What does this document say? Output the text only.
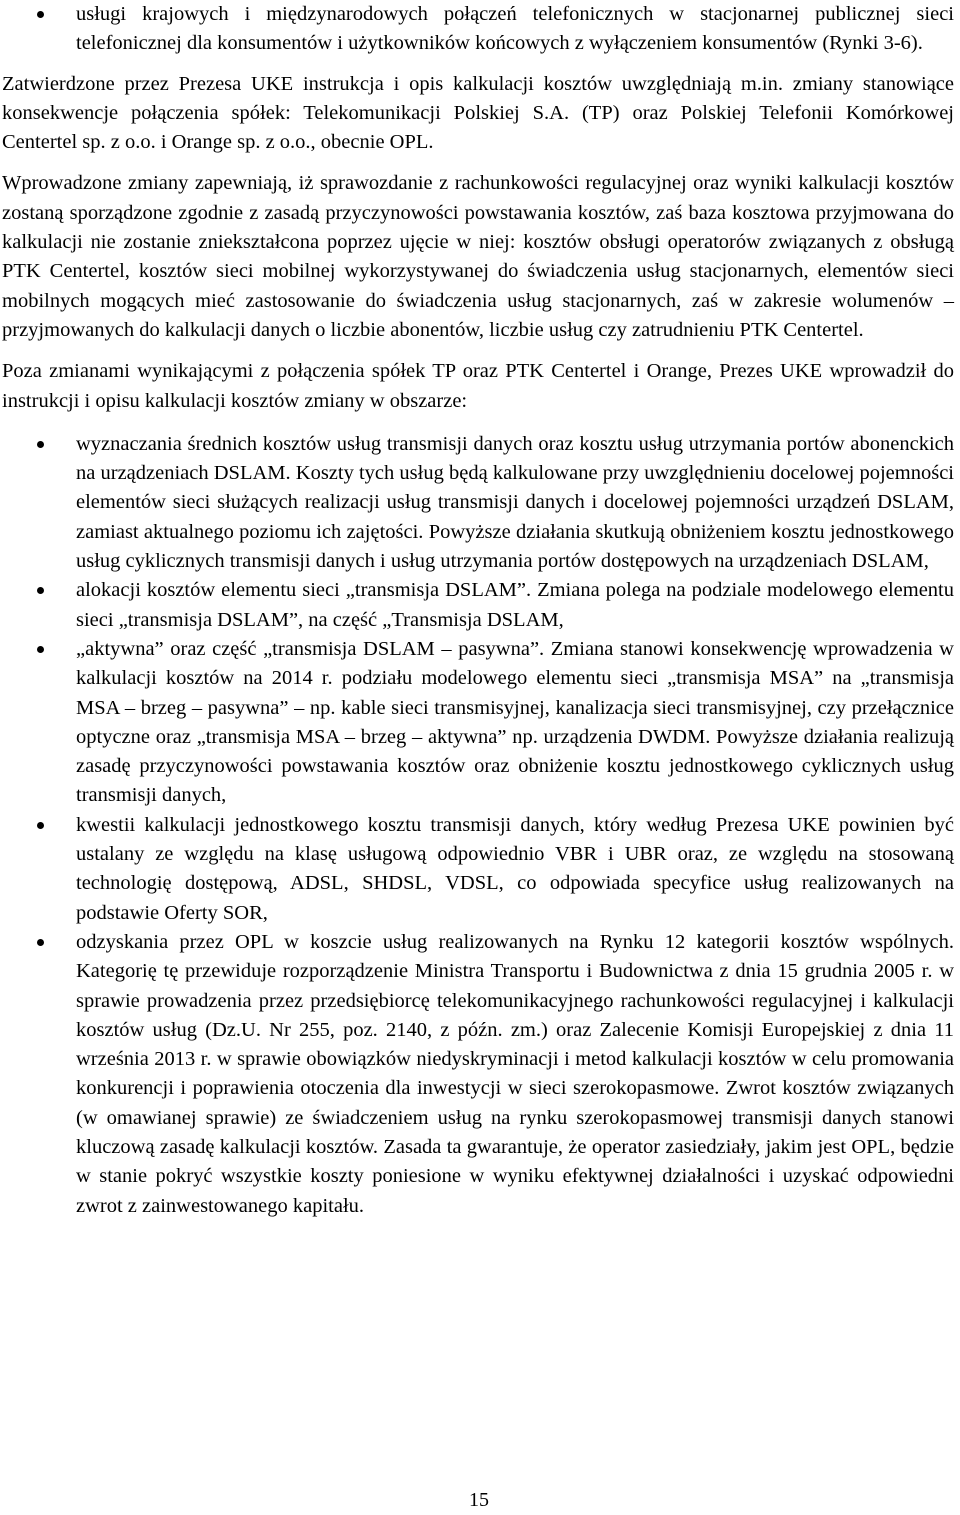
usługi krajowych i międzynarodowych połączeń telefonicznych w stacjonarnej publicznej sieci telefonicznej dla konsumentów i użytkowników końcowych z wyłączeniem konsumentów (Rynki 3-6).

Zatwierdzone przez Prezesa UKE instrukcja i opis kalkulacji kosztów uwzględniają m.in. zmiany stanowiące konsekwencje połączenia spółek: Telekomunikacji Polskiej S.A. (TP) oraz Polskiej Telefonii Komórkowej Centertel sp. z o.o. i Orange sp. z o.o., obecnie OPL.

Wprowadzone zmiany zapewniają, iż sprawozdanie z rachunkowości regulacyjnej oraz wyniki kalkulacji kosztów zostaną sporządzone zgodnie z zasadą przyczynowości powstawania kosztów, zaś baza kosztowa przyjmowana do kalkulacji nie zostanie zniekształcona poprzez ujęcie w niej: kosztów obsługi operatorów związanych z obsługą PTK Centertel, kosztów sieci mobilnej wykorzystywanej do świadczenia usług stacjonarnych, elementów sieci mobilnych mogących mieć zastosowanie do świadczenia usług stacjonarnych, zaś w zakresie wolumenów – przyjmowanych do kalkulacji danych o liczbie abonentów, liczbie usług czy zatrudnieniu PTK Centertel.

Poza zmianami wynikającymi z połączenia spółek TP oraz PTK Centertel i Orange, Prezes UKE wprowadził do instrukcji i opisu kalkulacji kosztów zmiany w obszarze:

wyznaczania średnich kosztów usług transmisji danych oraz kosztu usług utrzymania portów abonenckich na urządzeniach DSLAM. Koszty tych usług będą kalkulowane przy uwzględnieniu docelowej pojemności elementów sieci służących realizacji usług transmisji danych i docelowej pojemności urządzeń DSLAM, zamiast aktualnego poziomu ich zajętości. Powyższe działania skutkują obniżeniem kosztu jednostkowego usług cyklicznych transmisji danych i usług utrzymania portów dostępowych na urządzeniach DSLAM,

alokacji kosztów elementu sieci „transmisja DSLAM”. Zmiana polega na podziale modelowego elementu sieci „transmisja DSLAM”, na część „Transmisja DSLAM,

„aktywna” oraz część „transmisja DSLAM – pasywna”. Zmiana stanowi konsekwencję wprowadzenia w kalkulacji kosztów na 2014 r. podziału modelowego elementu sieci „transmisja MSA” na „transmisja MSA – brzeg – pasywna” – np. kable sieci transmisyjnej, kanalizacja sieci transmisyjnej, czy przełącznice optyczne oraz „transmisja MSA – brzeg – aktywna” np. urządzenia DWDM. Powyższe działania realizują zasadę przyczynowości powstawania kosztów oraz obniżenie kosztu jednostkowego cyklicznych usług transmisji danych,

kwestii kalkulacji jednostkowego kosztu transmisji danych, który według Prezesa UKE powinien być ustalany ze względu na klasę usługową odpowiednio VBR i UBR oraz, ze względu na stosowaną technologię dostępową, ADSL, SHDSL, VDSL, co odpowiada specyfice usług realizowanych na podstawie Oferty SOR,

odzyskania przez OPL w koszcie usług realizowanych na Rynku 12 kategorii kosztów wspólnych. Kategorię tę przewiduje rozporządzenie Ministra Transportu i Budownictwa z dnia 15 grudnia 2005 r. w sprawie prowadzenia przez przedsiębiorcę telekomunikacyjnego rachunkowości regulacyjnej i kalkulacji kosztów usług (Dz.U. Nr 255, poz. 2140, z późn. zm.) oraz Zalecenie Komisji Europejskiej z dnia 11 września 2013 r. w sprawie obowiązków niedyskryminacji i metod kalkulacji kosztów w celu promowania konkurencji i poprawienia otoczenia dla inwestycji w sieci szerokopasmowe. Zwrot kosztów związanych (w omawianej sprawie) ze świadczeniem usług na rynku szerokopasmowej transmisji danych stanowi kluczową zasadę kalkulacji kosztów. Zasada ta gwarantuje, że operator zasiedziały, jakim jest OPL, będzie w stanie pokryć wszystkie koszty poniesione w wyniku efektywnej działalności i uzyskać odpowiedni zwrot z zainwestowanego kapitału.

15
